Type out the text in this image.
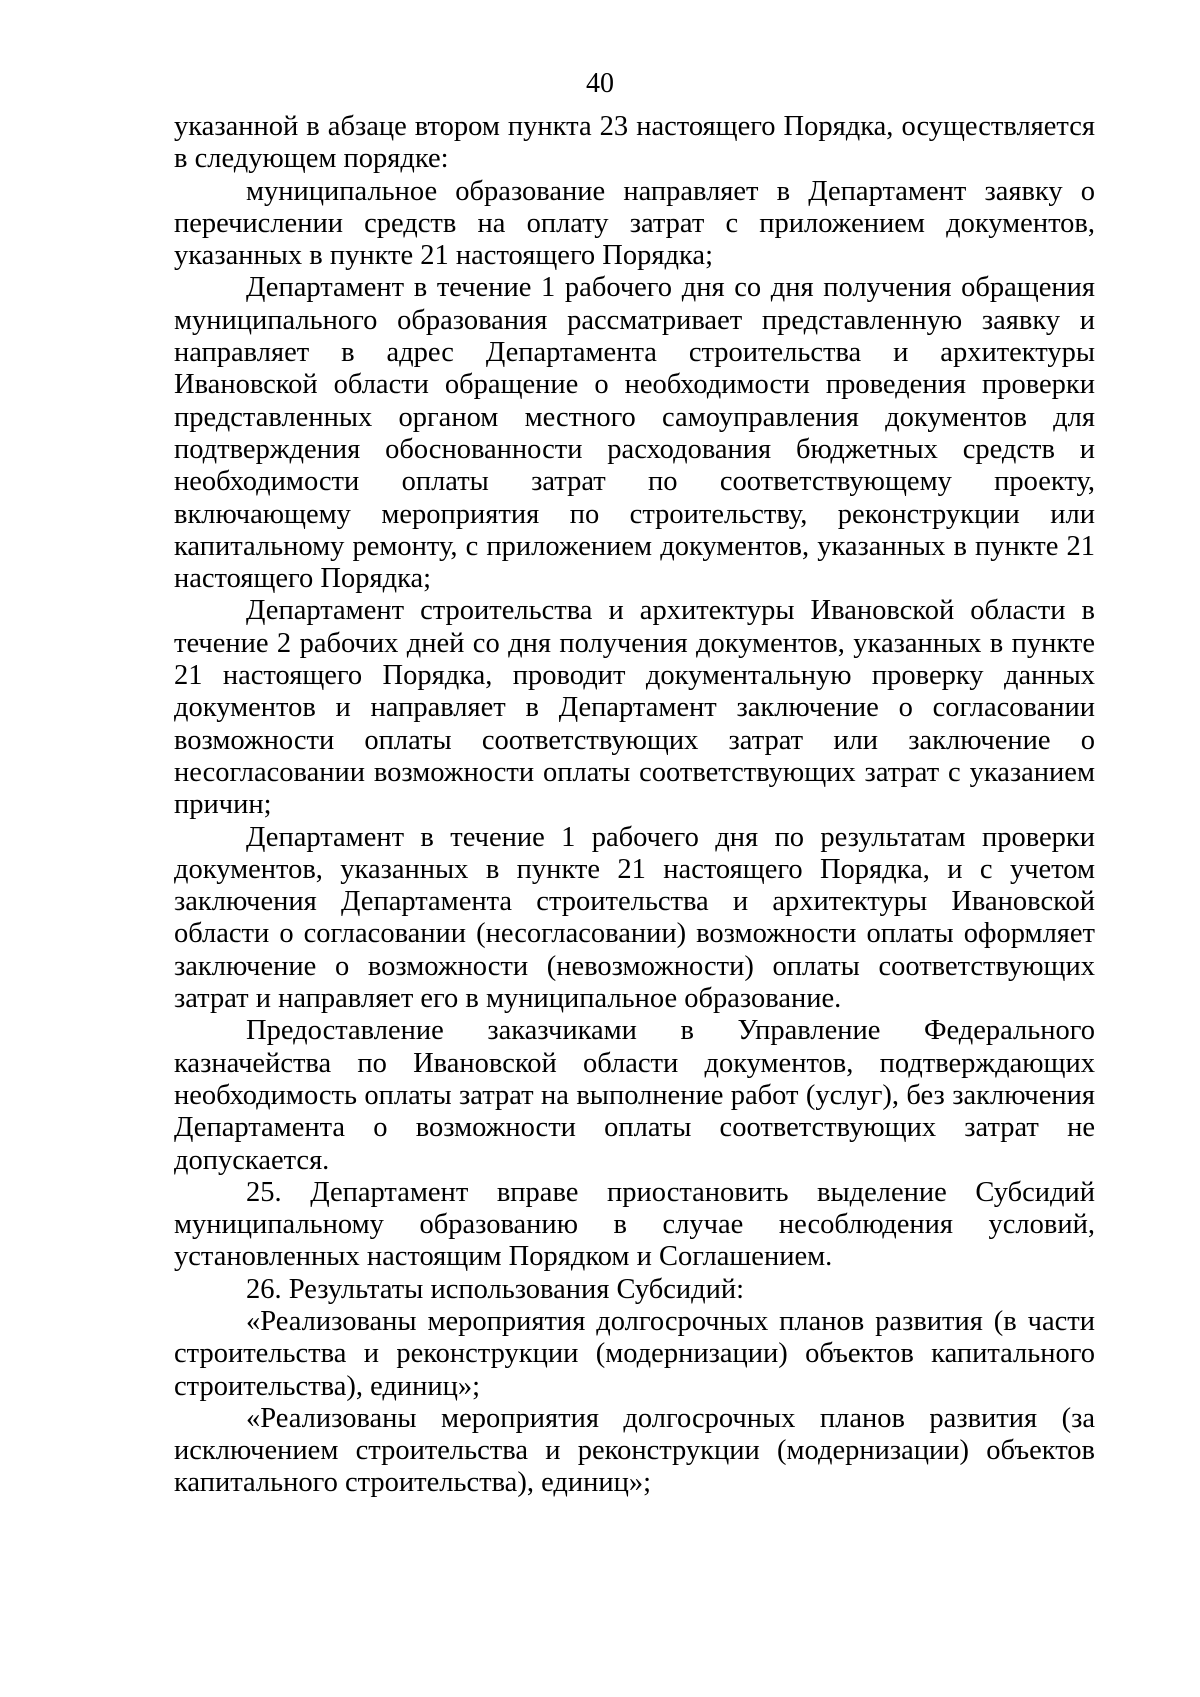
40

указанной в абзаце втором пункта 23 настоящего Порядка, осуществляется в следующем порядке:

муниципальное образование направляет в Департамент заявку о перечислении средств на оплату затрат с приложением документов, указанных в пункте 21 настоящего Порядка;

Департамент в течение 1 рабочего дня со дня получения обращения муниципального образования рассматривает представленную заявку и направляет в адрес Департамента строительства и архитектуры Ивановской области обращение о необходимости проведения проверки представленных органом местного самоуправления документов для подтверждения обоснованности расходования бюджетных средств и необходимости оплаты затрат по соответствующему проекту, включающему мероприятия по строительству, реконструкции или капитальному ремонту, с приложением документов, указанных в пункте 21 настоящего Порядка;

Департамент строительства и архитектуры Ивановской области в течение 2 рабочих дней со дня получения документов, указанных в пункте 21 настоящего Порядка, проводит документальную проверку данных документов и направляет в Департамент заключение о согласовании возможности оплаты соответствующих затрат или заключение о несогласовании возможности оплаты соответствующих затрат с указанием причин;

Департамент в течение 1 рабочего дня по результатам проверки документов, указанных в пункте 21 настоящего Порядка, и с учетом заключения Департамента строительства и архитектуры Ивановской области о согласовании (несогласовании) возможности оплаты оформляет заключение о возможности (невозможности) оплаты соответствующих затрат и направляет его в муниципальное образование.

Предоставление заказчиками в Управление Федерального казначейства по Ивановской области документов, подтверждающих необходимость оплаты затрат на выполнение работ (услуг), без заключения Департамента о возможности оплаты соответствующих затрат не допускается.

25. Департамент вправе приостановить выделение Субсидий муниципальному образованию в случае несоблюдения условий, установленных настоящим Порядком и Соглашением.

26. Результаты использования Субсидий:

«Реализованы мероприятия долгосрочных планов развития (в части строительства и реконструкции (модернизации) объектов капитального строительства), единиц»;

«Реализованы мероприятия долгосрочных планов развития (за исключением строительства и реконструкции (модернизации) объектов капитального строительства), единиц»;
